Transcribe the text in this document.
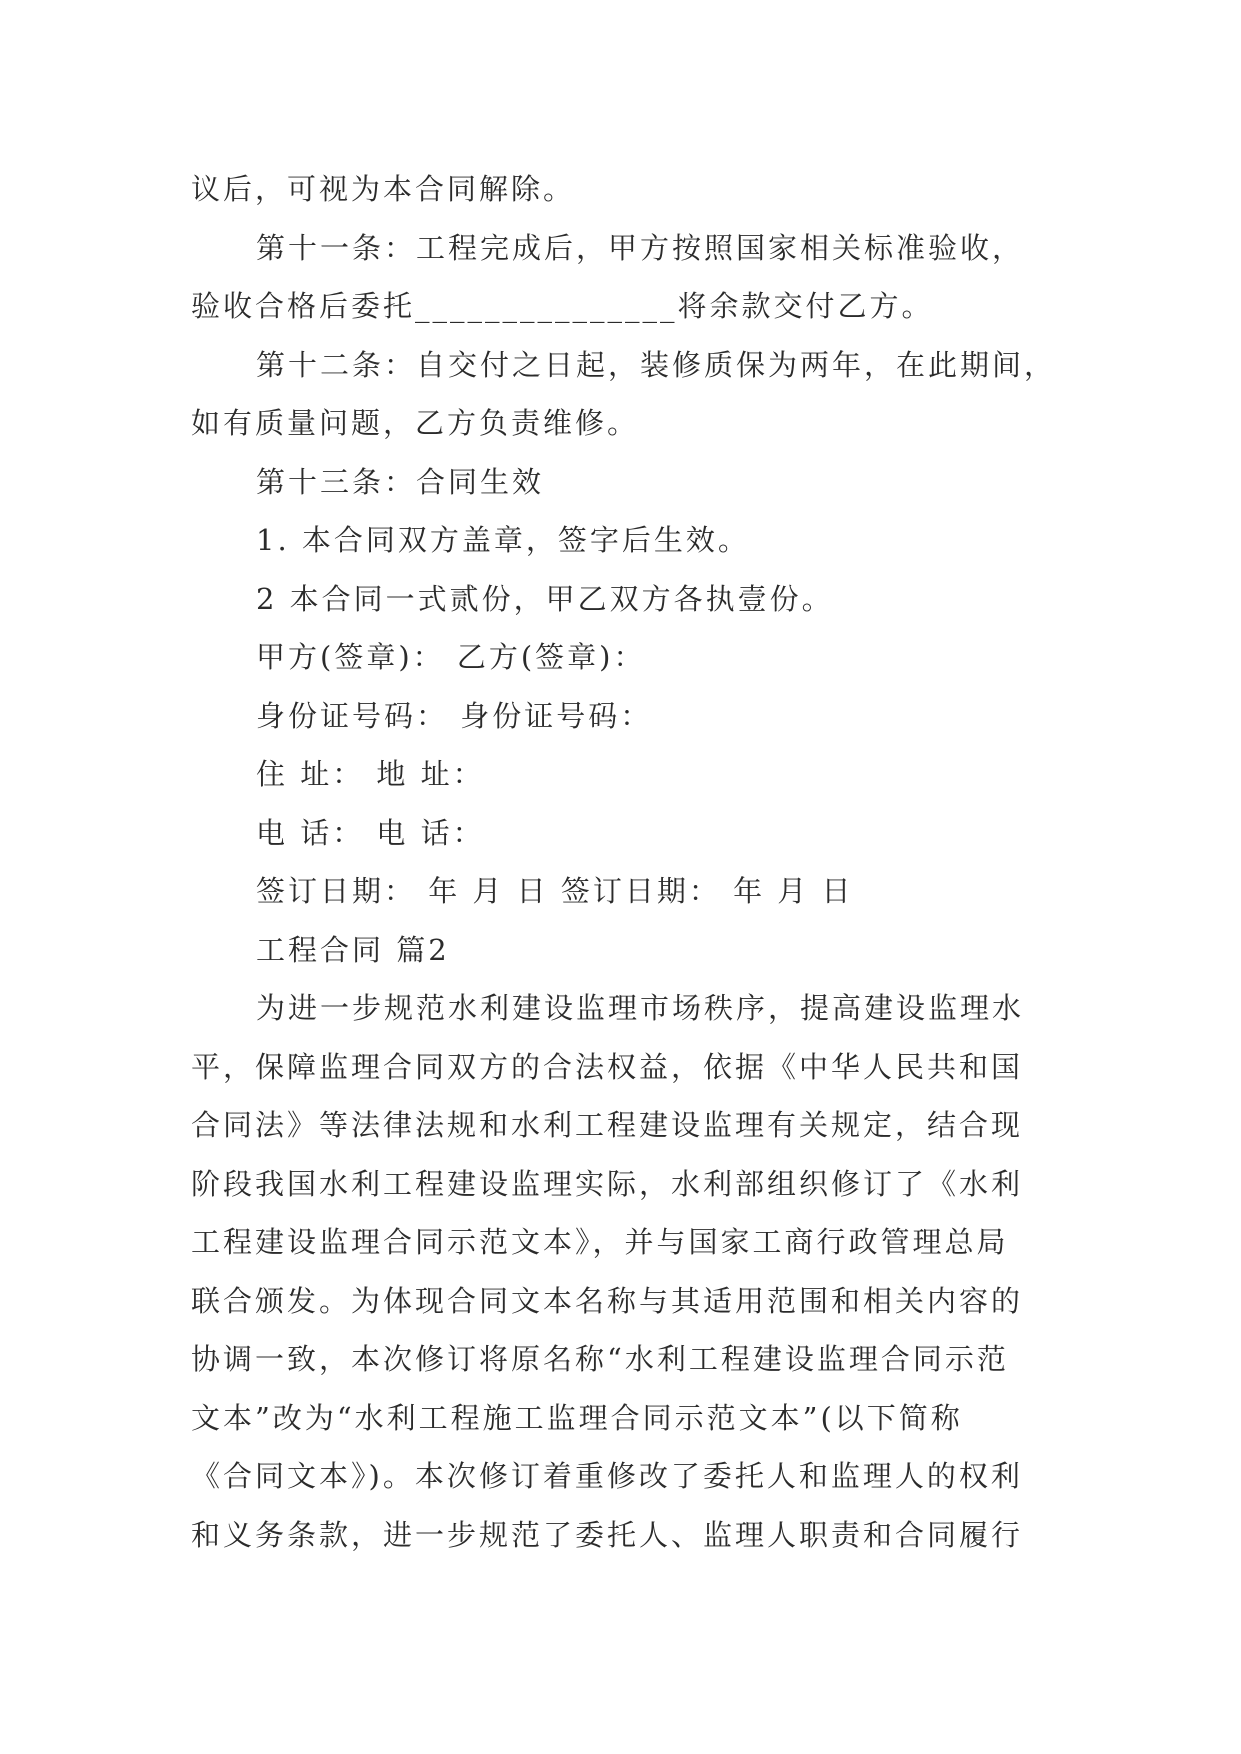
议后，可视为本合同解除。
第十一条：工程完成后，甲方按照国家相关标准验收，
验收合格后委托_______________将余款交付乙方。
第十二条：自交付之日起，装修质保为两年，在此期间，
如有质量问题，乙方负责维修。
第十三条：合同生效
1. 本合同双方盖章，签字后生效。
2 本合同一式贰份，甲乙双方各执壹份。
甲方(签章)： 乙方(签章)：
身份证号码： 身份证号码：
住 址： 地 址：
电 话： 电 话：
签订日期： 年 月 日 签订日期： 年 月 日
工程合同 篇2
为进一步规范水利建设监理市场秩序，提高建设监理水
平，保障监理合同双方的合法权益，依据《中华人民共和国
合同法》等法律法规和水利工程建设监理有关规定，结合现
阶段我国水利工程建设监理实际，水利部组织修订了《水利
工程建设监理合同示范文本》，并与国家工商行政管理总局
联合颁发。为体现合同文本名称与其适用范围和相关内容的
协调一致，本次修订将原名称“水利工程建设监理合同示范
文本”改为“水利工程施工监理合同示范文本”(以下简称
《合同文本》)。本次修订着重修改了委托人和监理人的权利
和义务条款，进一步规范了委托人、监理人职责和合同履行
